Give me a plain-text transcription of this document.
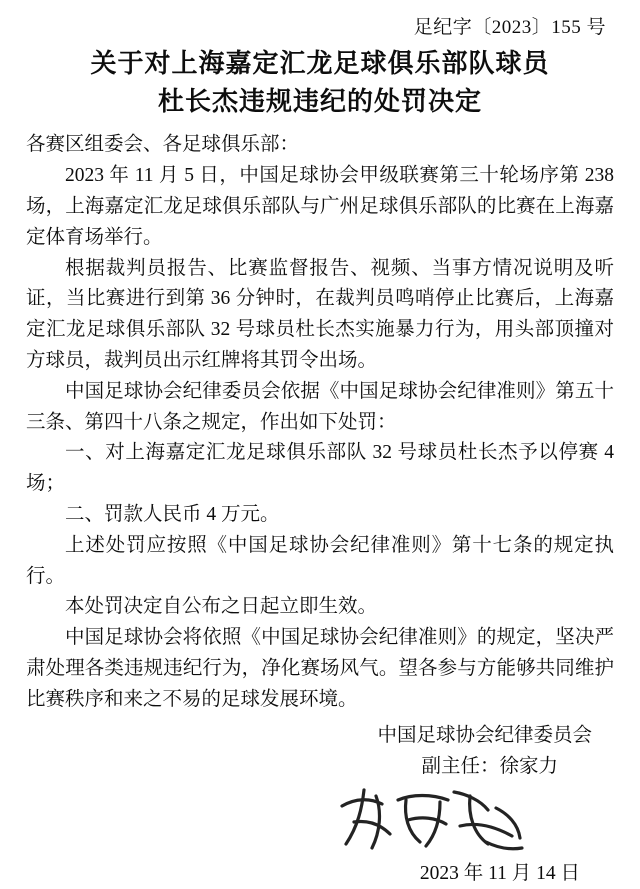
足纪字〔2023〕155 号
关于对上海嘉定汇龙足球俱乐部队球员
杜长杰违规违纪的处罚决定

各赛区组委会、各足球俱乐部：

2023 年 11 月 5 日，中国足球协会甲级联赛第三十轮场序第 238 场，上海嘉定汇龙足球俱乐部队与广州足球俱乐部队的比赛在上海嘉定体育场举行。

根据裁判员报告、比赛监督报告、视频、当事方情况说明及听证，当比赛进行到第 36 分钟时，在裁判员鸣哨停止比赛后，上海嘉定汇龙足球俱乐部队 32 号球员杜长杰实施暴力行为，用头部顶撞对方球员，裁判员出示红牌将其罚令出场。

中国足球协会纪律委员会依据《中国足球协会纪律准则》第五十三条、第四十八条之规定，作出如下处罚：

一、对上海嘉定汇龙足球俱乐部队 32 号球员杜长杰予以停赛 4 场；

二、罚款人民币 4 万元。

上述处罚应按照《中国足球协会纪律准则》第十七条的规定执行。

本处罚决定自公布之日起立即生效。

中国足球协会将依照《中国足球协会纪律准则》的规定，坚决严肃处理各类违规违纪行为，净化赛场风气。望各参与方能够共同维护比赛秩序和来之不易的足球发展环境。

中国足球协会纪律委员会
副主任：徐家力
2023 年 11 月 14 日
